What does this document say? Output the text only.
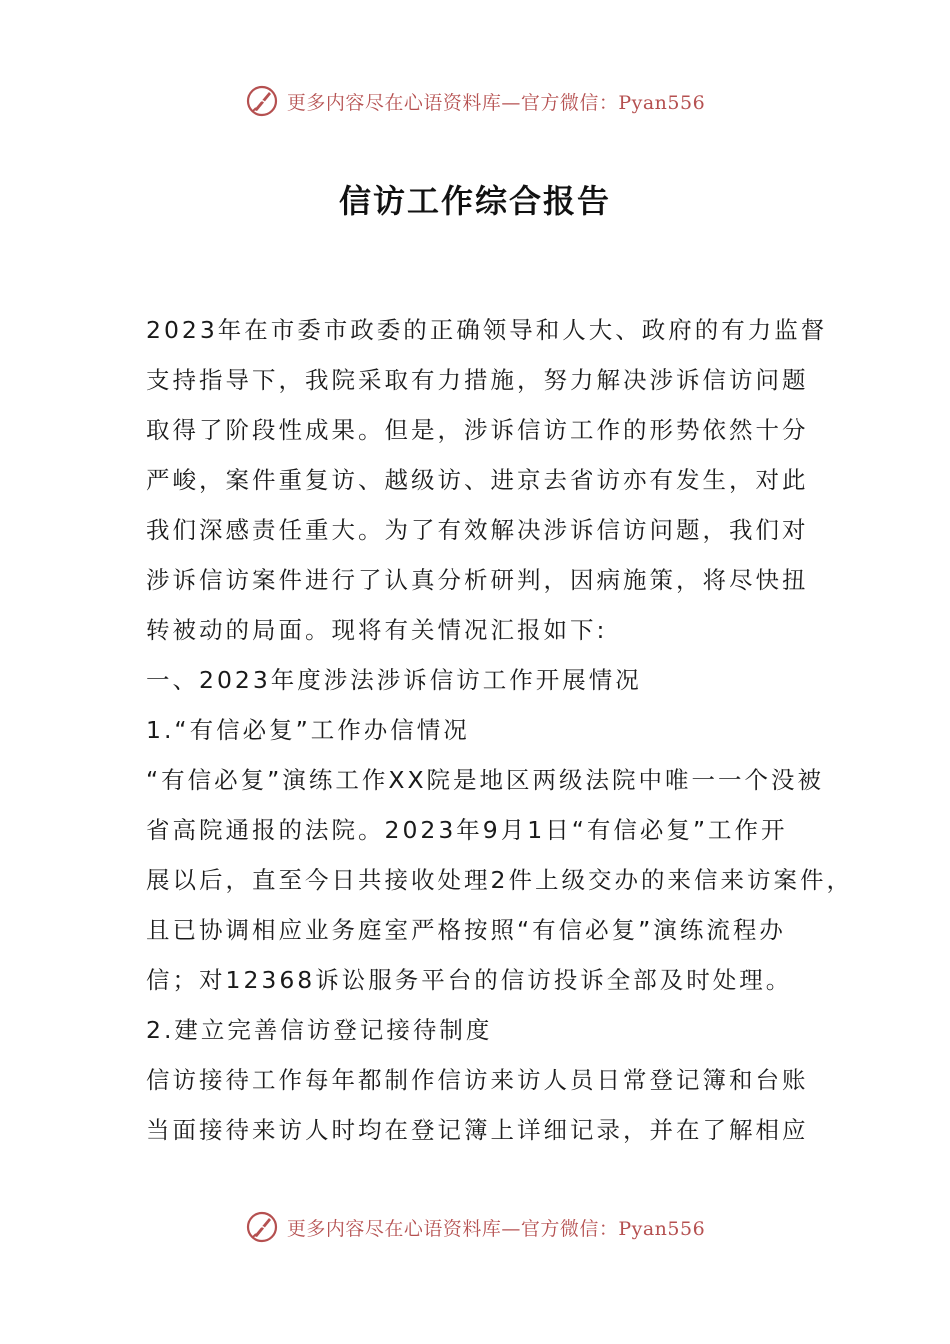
更多内容尽在心语资料库—官方微信：Pyan556
信访工作综合报告
2023年在市委市政委的正确领导和人大、政府的有力监督
支持指导下，我院采取有力措施，努力解决涉诉信访问题
取得了阶段性成果。但是，涉诉信访工作的形势依然十分
严峻，案件重复访、越级访、进京去省访亦有发生，对此
我们深感责任重大。为了有效解决涉诉信访问题，我们对
涉诉信访案件进行了认真分析研判，因病施策，将尽快扭
转被动的局面。现将有关情况汇报如下:
一、2023年度涉法涉诉信访工作开展情况
1.“有信必复”工作办信情况
“有信必复”演练工作XX院是地区两级法院中唯一一个没被
省高院通报的法院。2023年9月1日“有信必复”工作开
展以后，直至今日共接收处理2件上级交办的来信来访案件，
且已协调相应业务庭室严格按照“有信必复”演练流程办
信；对12368诉讼服务平台的信访投诉全部及时处理。
2.建立完善信访登记接待制度
信访接待工作每年都制作信访来访人员日常登记簿和台账
当面接待来访人时均在登记簿上详细记录，并在了解相应
更多内容尽在心语资料库—官方微信：Pyan556
